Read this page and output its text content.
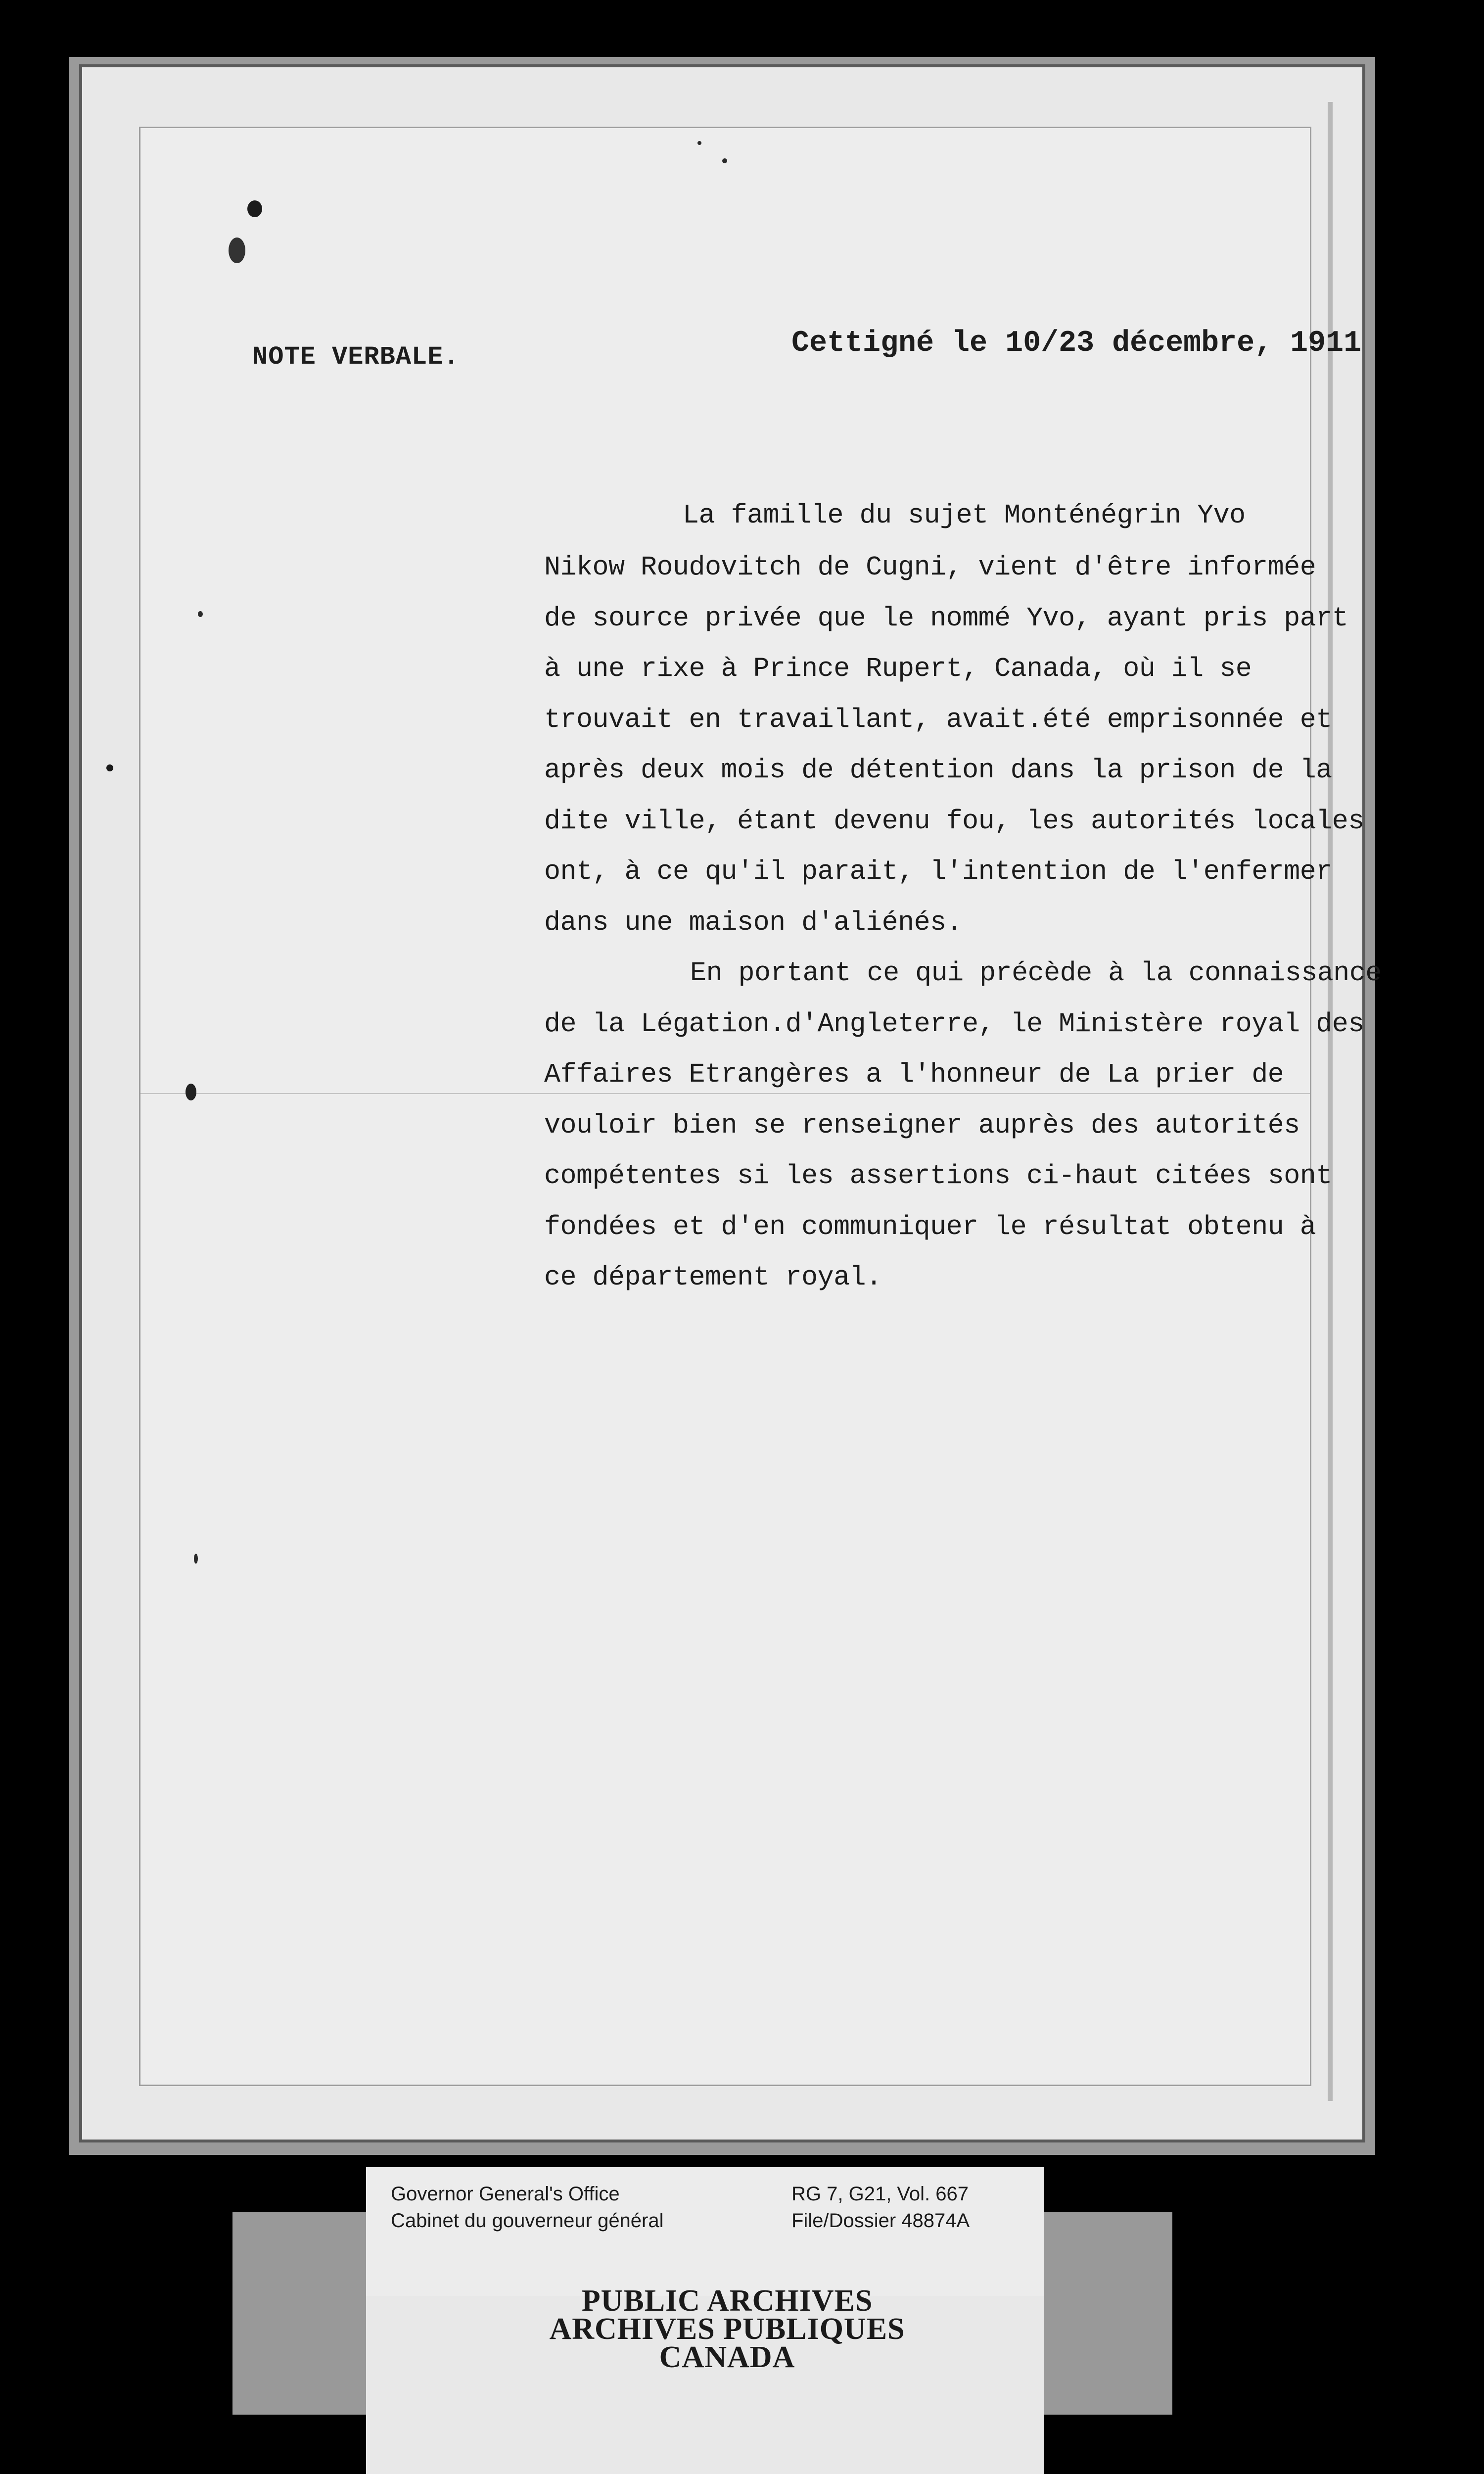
NOTE VERBALE.	Cettigné le 10/23 décembre, 1911
La famille du sujet Monténégrin Yvo
Nikow Roudovitch de Cugni, vient d'être informée
de source privée que le nommé Yvo, ayant pris part
à une rixe à Prince Rupert, Canada, où il se
trouvait en travaillant, avait.été emprisonnée et
après deux mois de détention dans la prison de la
dite ville, étant devenu fou, les autorités locales
ont, à ce qu'il parait, l'intention de l'enfermer
dans une maison d'aliénés.
En portant ce qui précède à la connaissance
de la Légation.d'Angleterre, le Ministère royal des
Affaires Etrangères a l'honneur de La prier de
vouloir bien se renseigner auprès des autorités
compétentes si les assertions ci-haut citées sont
fondées et d'en communiquer le résultat obtenu à
ce département royal.
Governor General's Office
Cabinet du gouverneur général
RG 7, G21, Vol. 667
File/Dossier 48874A
PUBLIC ARCHIVES
ARCHIVES PUBLIQUES
CANADA
